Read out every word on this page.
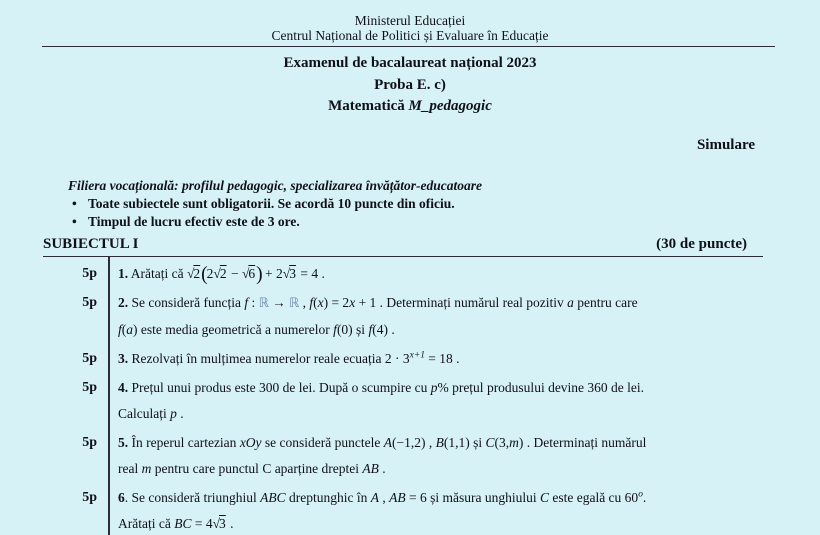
Ministerul Educației
Centrul Național de Politici și Evaluare în Educație
Examenul de bacalaureat național 2023
Proba E. c)
Matematică M_pedagogic
Simulare
Filiera vocațională: profilul pedagogic, specializarea învățător-educatoare
• Toate subiectele sunt obligatorii. Se acordă 10 puncte din oficiu.
• Timpul de lucru efectiv este de 3 ore.
SUBIECTUL I	(30 de puncte)
5p	1. Arătați că √2(2√2 − √6) + 2√3 = 4 .
5p	2. Se consideră funcția f : ℝ → ℝ , f(x) = 2x + 1 . Determinați numărul real pozitiv a pentru care
f(a) este media geometrică a numerelor f(0) și f(4) .
5p	3. Rezolvați în mulțimea numerelor reale ecuația $2 \cdot 3^{x+1} = 18$ .
5p	4. Prețul unui produs este 300 de lei. După o scumpire cu p% prețul produsului devine 360 de lei.
Calculați p .
5p	5. În reperul cartezian xOy se consideră punctele A(−1,2) , B(1,1) și C(3,m) . Determinați numărul
real m pentru care punctul C aparține dreptei AB .
5p	6. Se consideră triunghiul ABC dreptunghic în A , AB = 6 și măsura unghiului C este egală cu 60$^o$.
Arătați că BC = 4√3 .
